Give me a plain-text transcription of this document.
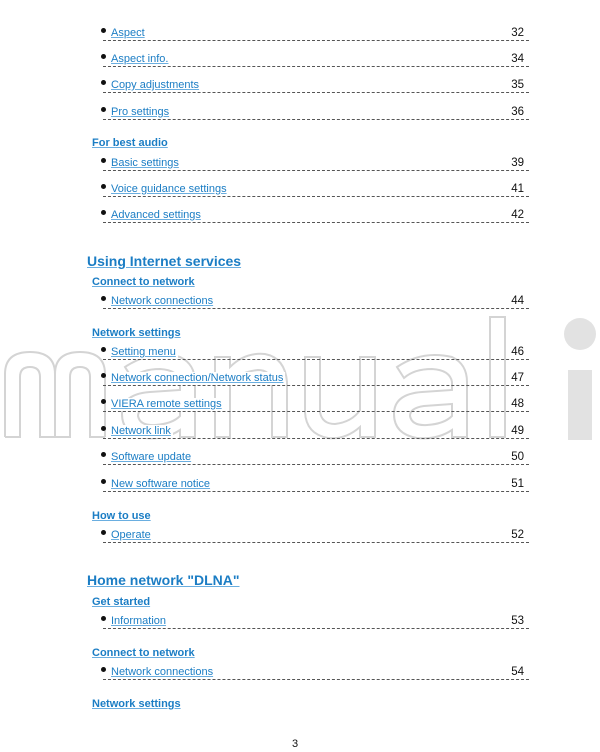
Aspect	32
Aspect info.	34
Copy adjustments	35
Pro settings	36
For best audio
Basic settings	39
Voice guidance settings	41
Advanced settings	42
Using Internet services
Connect to network
Network connections	44
Network settings
Setting menu	46
Network connection/Network status	47
VIERA remote settings	48
Network link	49
Software update	50
New software notice	51
How to use
Operate	52
Home network "DLNA"
Get started
Information	53
Connect to network
Network connections	54
Network settings
3
